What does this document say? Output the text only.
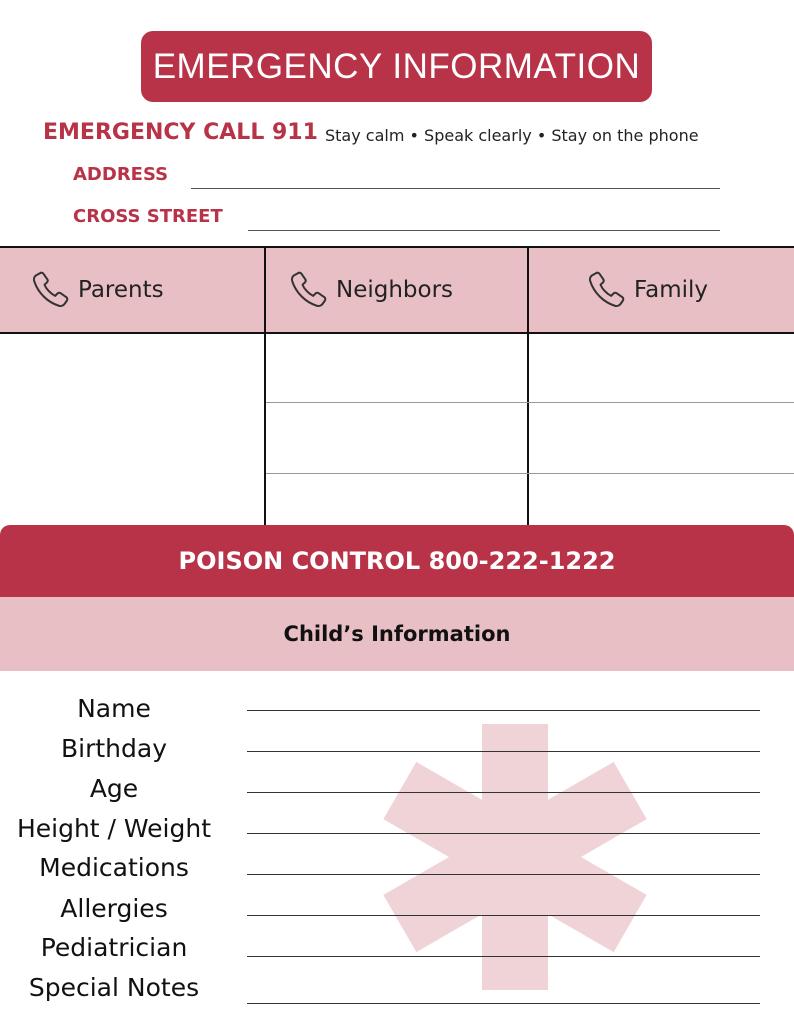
EMERGENCY INFORMATION
EMERGENCY CALL 911 Stay calm • Speak clearly • Stay on the phone
ADDRESS
CROSS STREET
Parents	Neighbors	Family
POISON CONTROL 800-222-1222
Child’s Information
Name
Birthday
Age
Height / Weight
Medications
Allergies
Pediatrician
Special Notes
